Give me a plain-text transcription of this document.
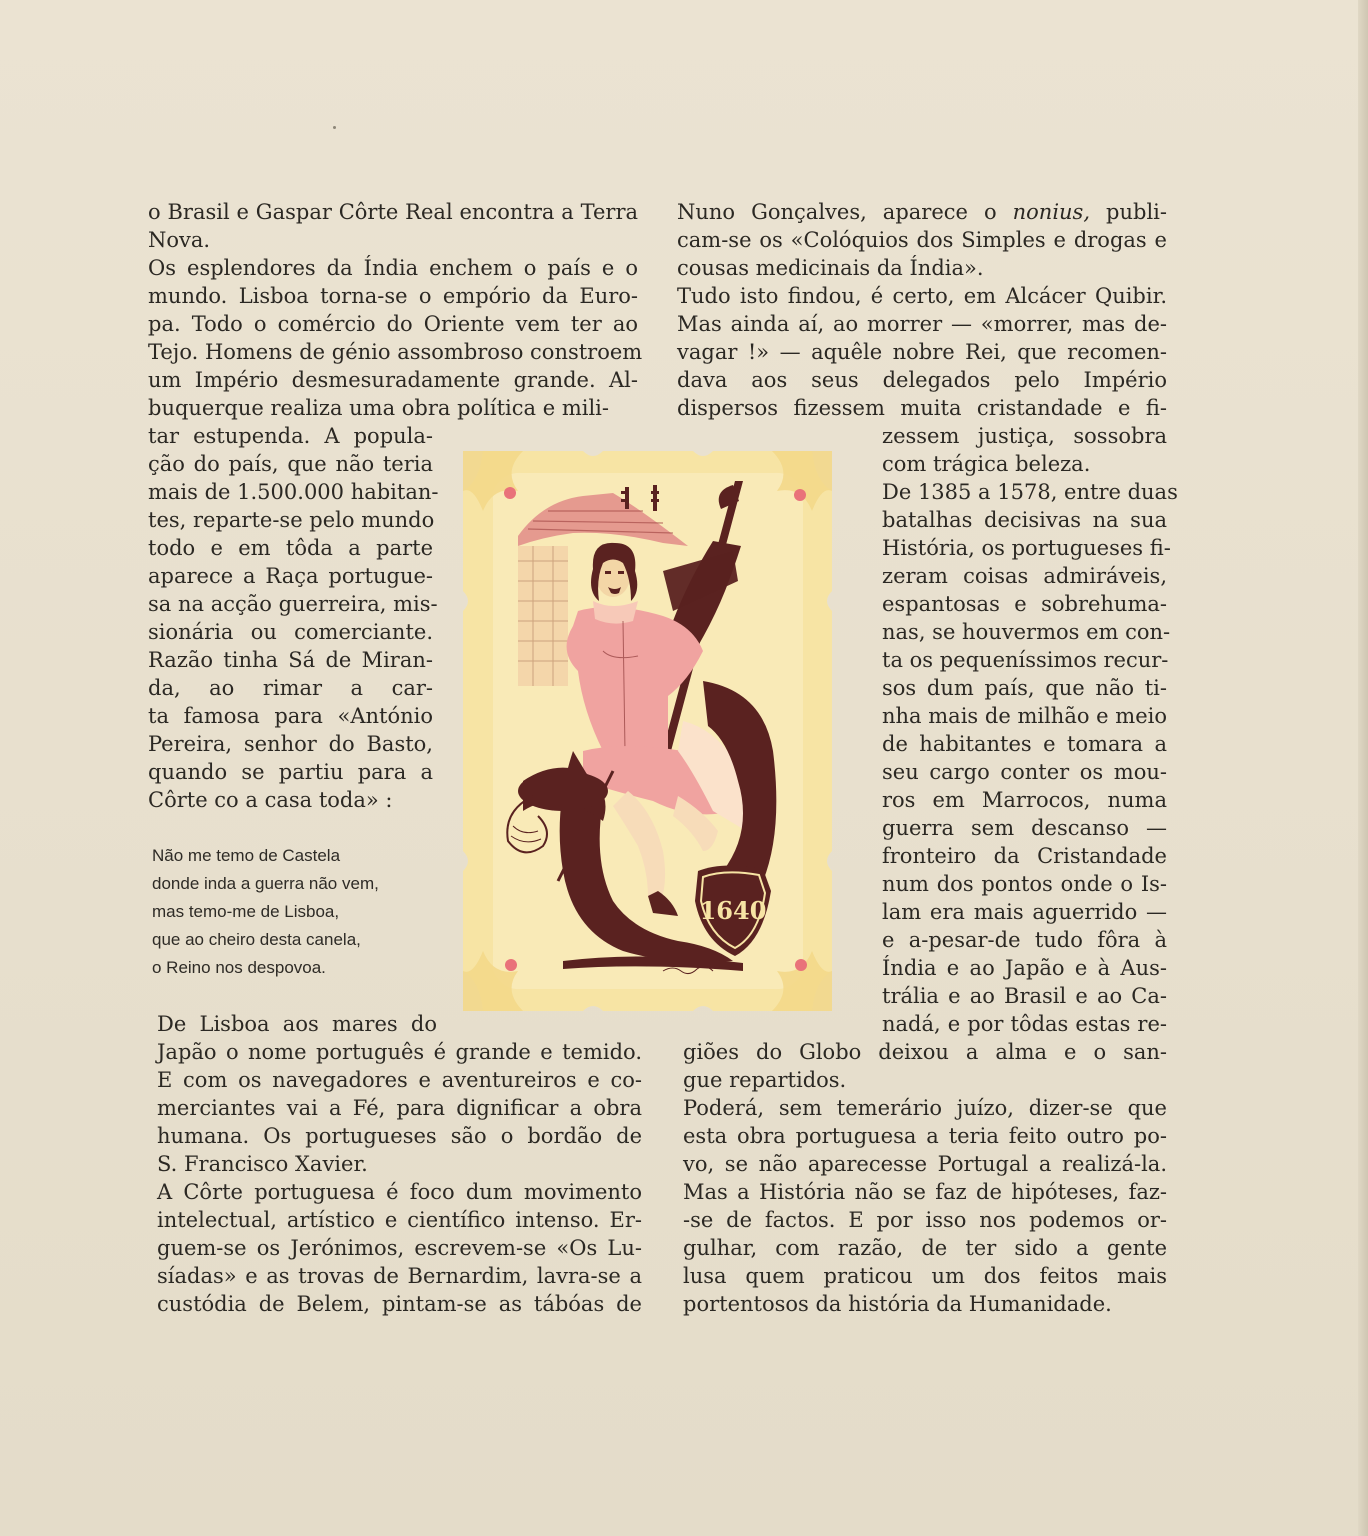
o Brasil e Gaspar Côrte Real encontra a Terra
Nova.
Os esplendores da Índia enchem o país e o
mundo. Lisboa torna-se o empório da Euro-
pa. Todo o comércio do Oriente vem ter ao
Tejo. Homens de génio assombroso constroem
um Império desmesuradamente grande. Al-
buquerque realiza uma obra política e mili-
tar estupenda. A popula-
ção do país, que não teria
mais de 1.500.000 habitan-
tes, reparte-se pelo mundo
todo e em tôda a parte
aparece a Raça portugue-
sa na acção guerreira, mis-
sionária ou comerciante.
Razão tinha Sá de Miran-
da, ao rimar a car-
ta famosa para «António
Pereira, senhor do Basto,
quando se partiu para a
Côrte co a casa toda» :
Não me temo de Castela
donde inda a guerra não vem,
mas temo-me de Lisboa,
que ao cheiro desta canela,
o Reino nos despovoa.
De Lisboa aos mares do
Japão o nome português é grande e temido.
E com os navegadores e aventureiros e co-
merciantes vai a Fé, para dignificar a obra
humana. Os portugueses são o bordão de
S. Francisco Xavier.
A Côrte portuguesa é foco dum movimento
intelectual, artístico e científico intenso. Er-
guem-se os Jerónimos, escrevem-se «Os Lu-
síadas» e as trovas de Bernardim, lavra-se a
custódia de Belem, pintam-se as tábóas de
Nuno Gonçalves, aparece o nonius, publi-
cam-se os «Colóquios dos Simples e drogas e
cousas medicinais da Índia».
Tudo isto findou, é certo, em Alcácer Quibir.
Mas ainda aí, ao morrer — «morrer, mas de-
vagar !» — aquêle nobre Rei, que recomen-
dava aos seus delegados pelo Império
dispersos fizessem muita cristandade e fi-
zessem justiça, sossobra
com trágica beleza.
De 1385 a 1578, entre duas
batalhas decisivas na sua
História, os portugueses fi-
zeram coisas admiráveis,
espantosas e sobrehuma-
nas, se houvermos em con-
ta os pequeníssimos recur-
sos dum país, que não ti-
nha mais de milhão e meio
de habitantes e tomara a
seu cargo conter os mou-
ros em Marrocos, numa
guerra sem descanso —
fronteiro da Cristandade
num dos pontos onde o Is-
lam era mais aguerrido —
e a-pesar-de tudo fôra à
Índia e ao Japão e à Aus-
trália e ao Brasil e ao Ca-
nadá, e por tôdas estas re-
giões do Globo deixou a alma e o san-
gue repartidos.
Poderá, sem temerário juízo, dizer-se que
esta obra portuguesa a teria feito outro po-
vo, se não aparecesse Portugal a realizá-la.
Mas a História não se faz de hipóteses, faz-
-se de factos. E por isso nos podemos or-
gulhar, com razão, de ter sido a gente
lusa quem praticou um dos feitos mais
portentosos da história da Humanidade.
1640
